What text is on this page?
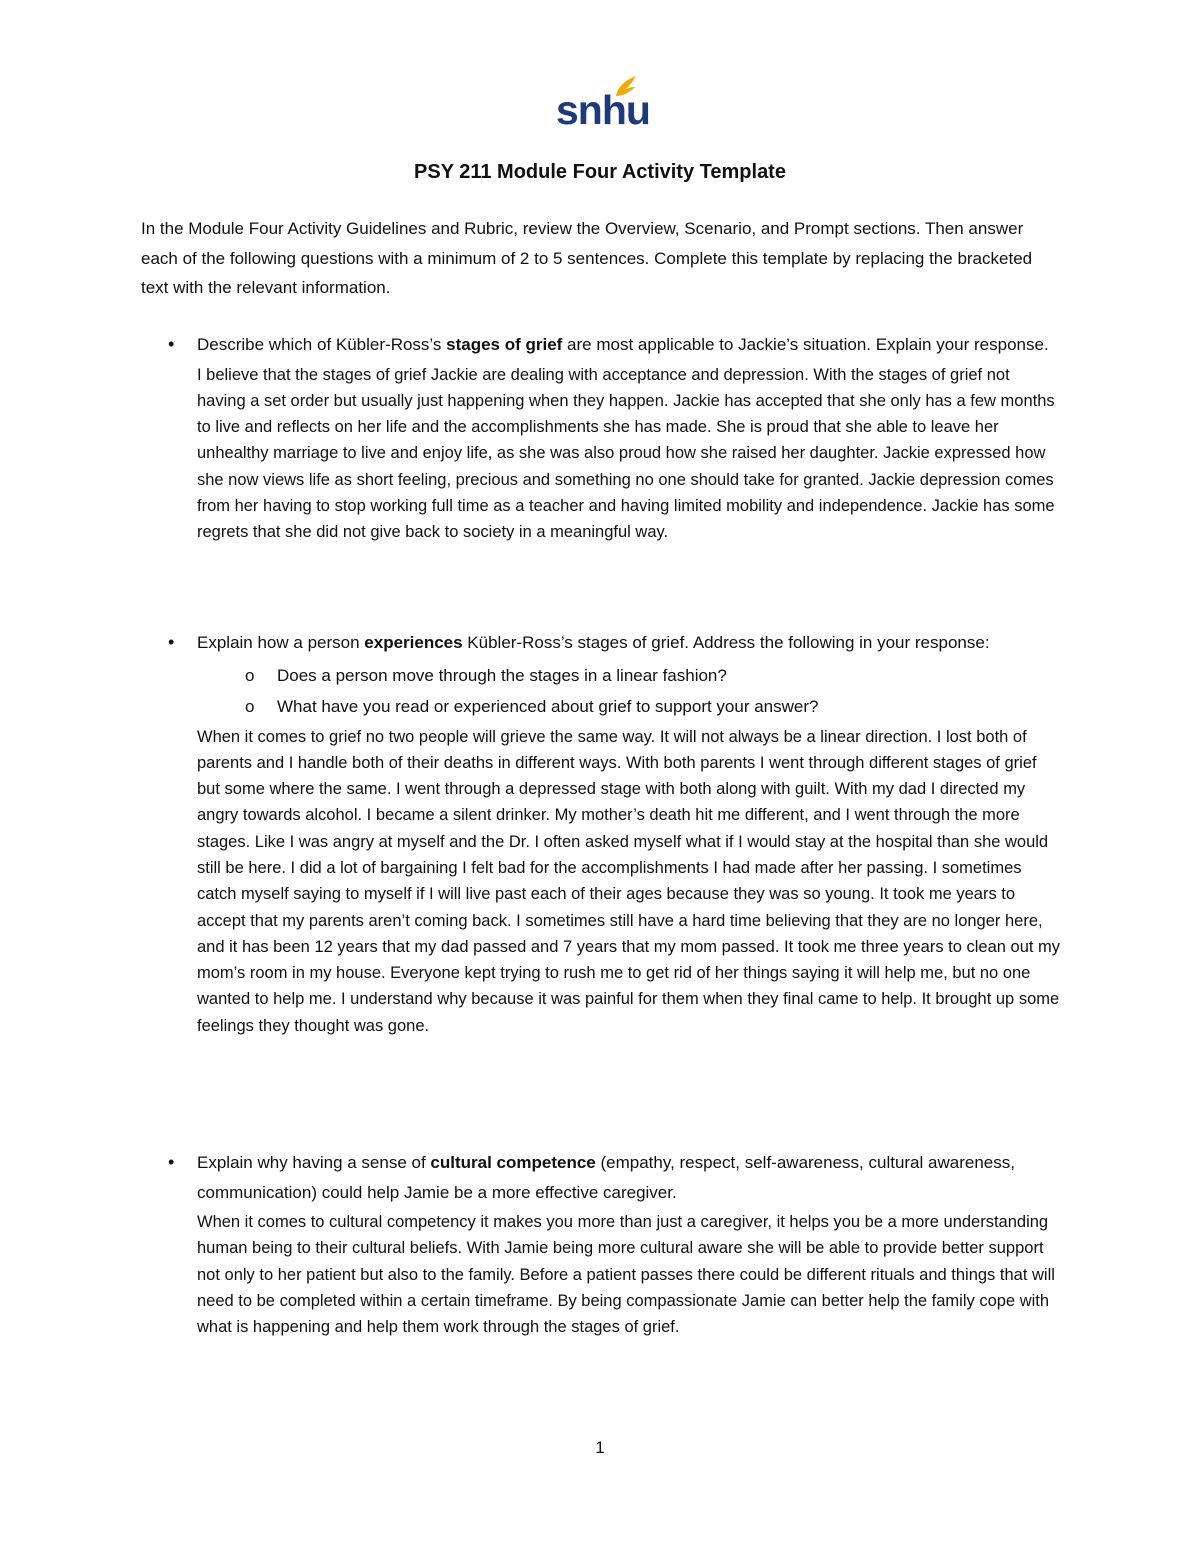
snhu
PSY 211 Module Four Activity Template
In the Module Four Activity Guidelines and Rubric, review the Overview, Scenario, and Prompt sections. Then answer each of the following questions with a minimum of 2 to 5 sentences. Complete this template by replacing the bracketed text with the relevant information.
• Describe which of Kübler-Ross’s stages of grief are most applicable to Jackie’s situation. Explain your response.
I believe that the stages of grief Jackie are dealing with acceptance and depression. With the stages of grief not having a set order but usually just happening when they happen. Jackie has accepted that she only has a few months to live and reflects on her life and the accomplishments she has made. She is proud that she able to leave her unhealthy marriage to live and enjoy life, as she was also proud how she raised her daughter. Jackie expressed how she now views life as short feeling, precious and something no one should take for granted. Jackie depression comes from her having to stop working full time as a teacher and having limited mobility and independence. Jackie has some regrets that she did not give back to society in a meaningful way.
• Explain how a person experiences Kübler-Ross’s stages of grief. Address the following in your response:
o Does a person move through the stages in a linear fashion?
o What have you read or experienced about grief to support your answer?
When it comes to grief no two people will grieve the same way. It will not always be a linear direction. I lost both of parents and I handle both of their deaths in different ways. With both parents I went through different stages of grief but some where the same. I went through a depressed stage with both along with guilt. With my dad I directed my angry towards alcohol. I became a silent drinker. My mother’s death hit me different, and I went through the more stages. Like I was angry at myself and the Dr. I often asked myself what if I would stay at the hospital than she would still be here. I did a lot of bargaining I felt bad for the accomplishments I had made after her passing. I sometimes catch myself saying to myself if I will live past each of their ages because they was so young. It took me years to accept that my parents aren’t coming back. I sometimes still have a hard time believing that they are no longer here, and it has been 12 years that my dad passed and 7 years that my mom passed. It took me three years to clean out my mom’s room in my house. Everyone kept trying to rush me to get rid of her things saying it will help me, but no one wanted to help me. I understand why because it was painful for them when they final came to help. It brought up some feelings they thought was gone.
• Explain why having a sense of cultural competence (empathy, respect, self-awareness, cultural awareness, communication) could help Jamie be a more effective caregiver.
When it comes to cultural competency it makes you more than just a caregiver, it helps you be a more understanding human being to their cultural beliefs. With Jamie being more cultural aware she will be able to provide better support not only to her patient but also to the family. Before a patient passes there could be different rituals and things that will need to be completed within a certain timeframe. By being compassionate Jamie can better help the family cope with what is happening and help them work through the stages of grief.
1
